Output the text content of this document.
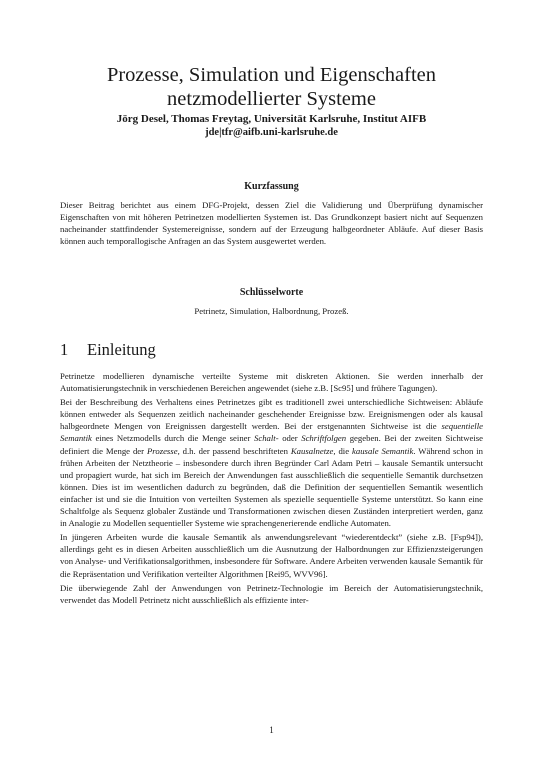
Prozesse, Simulation und Eigenschaften
netzmodellierter Systeme
Jörg Desel, Thomas Freytag, Universität Karlsruhe, Institut AIFB
jde|tfr@aifb.uni-karlsruhe.de
Kurzfassung
Dieser Beitrag berichtet aus einem DFG-Projekt, dessen Ziel die Validierung und Überprüfung dynamischer Eigenschaften von mit höheren Petrinetzen modellierten Systemen ist. Das Grundkonzept basiert nicht auf Sequenzen nacheinander stattfindender Systemereignisse, sondern auf der Erzeugung halbgeordneter Abläufe. Auf dieser Basis können auch temporallogische Anfragen an das System ausgewertet werden.
Schlüsselworte
Petrinetz, Simulation, Halbordnung, Prozeß.
1 Einleitung

Petrinetze modellieren dynamische verteilte Systeme mit diskreten Aktionen. Sie werden innerhalb der Automatisierungstechnik in verschiedenen Bereichen angewendet (siehe z.B. [Sc95] und frühere Tagungen).

Bei der Beschreibung des Verhaltens eines Petrinetzes gibt es traditionell zwei unterschiedliche Sichtweisen: Abläufe können entweder als Sequenzen zeitlich nacheinander geschehender Ereignisse bzw. Ereignismengen oder als kausal halbgeordnete Mengen von Ereignissen dargestellt werden. Bei der erstgenannten Sichtweise ist die sequentielle Semantik eines Netzmodells durch die Menge seiner Schalt- oder Schriftfolgen gegeben. Bei der zweiten Sichtweise definiert die Menge der Prozesse, d.h. der passend beschrifteten Kausalnetze, die kausale Semantik. Während schon in frühen Arbeiten der Netztheorie – insbesondere durch ihren Begründer Carl Adam Petri – kausale Semantik untersucht und propagiert wurde, hat sich im Bereich der Anwendungen fast ausschließlich die sequentielle Semantik durchsetzen können. Dies ist im wesentlichen dadurch zu begründen, daß die Definition der sequentiellen Semantik wesentlich einfacher ist und sie die Intuition von verteilten Systemen als spezielle sequentielle Systeme unterstützt. So kann eine Schaltfolge als Sequenz globaler Zustände und Transformationen zwischen diesen Zuständen interpretiert werden, ganz in Analogie zu Modellen sequentieller Systeme wie sprachengenerierende endliche Automaten.

In jüngeren Arbeiten wurde die kausale Semantik als anwendungsrelevant “wiederentdeckt” (siehe z.B. [Fsp94]), allerdings geht es in diesen Arbeiten ausschließlich um die Ausnutzung der Halbordnungen zur Effizienzsteigerungen von Analyse- und Verifikationsalgorithmen, insbesondere für Software. Andere Arbeiten verwenden kausale Semantik für die Repräsentation und Verifikation verteilter Algorithmen [Rei95, WVV96].

Die überwiegende Zahl der Anwendungen von Petrinetz-Technologie im Bereich der Automatisierungstechnik, verwendet das Modell Petrinetz nicht ausschließlich als effiziente inter-

1
